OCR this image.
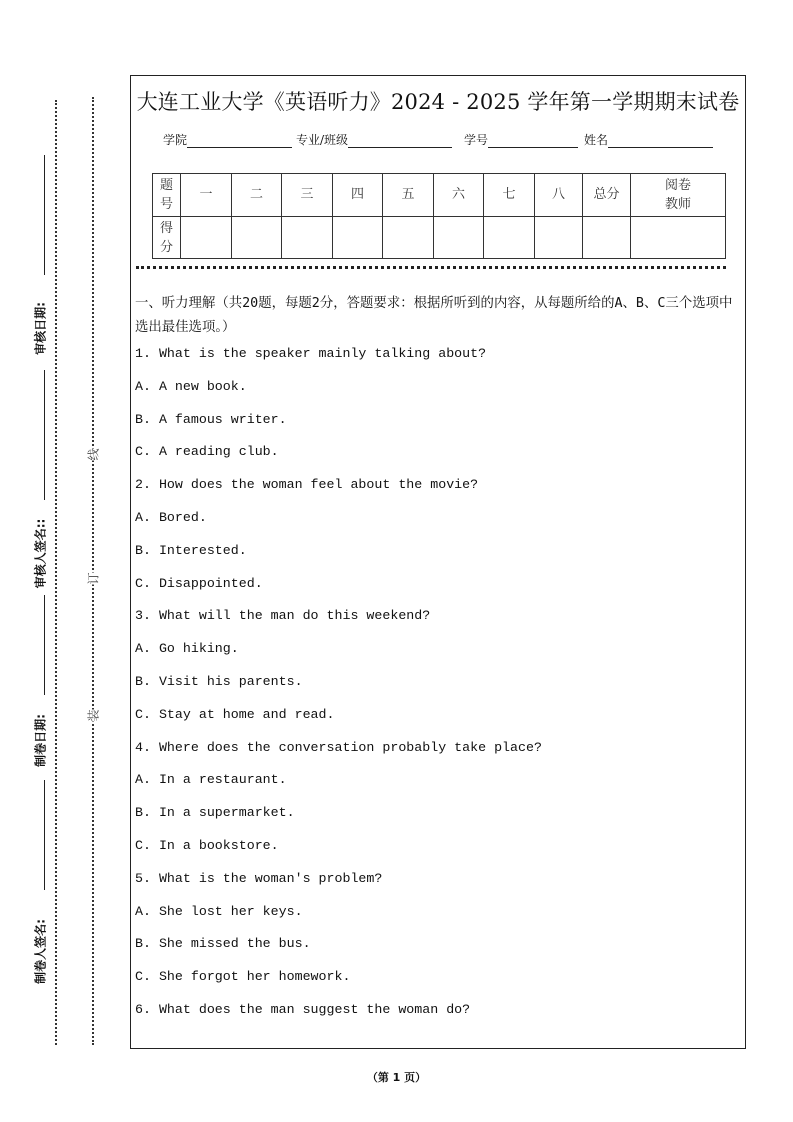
大连工业大学《英语听力》2024 - 2025 学年第一学期期末试卷
学院	专业/班级	学号	姓名
题号	一	二	三	四	五	六	七	八	总分	阅卷教师
得分										
一、听力理解（共20题，每题2分，答题要求：根据所听到的内容，从每题所给的A、B、C三个选项中选出最佳选项。）
1. What is the speaker mainly talking about?
A. A new book.
B. A famous writer.
C. A reading club.
2. How does the woman feel about the movie?
A. Bored.
B. Interested.
C. Disappointed.
3. What will the man do this weekend?
A. Go hiking.
B. Visit his parents.
C. Stay at home and read.
4. Where does the conversation probably take place?
A. In a restaurant.
B. In a supermarket.
C. In a bookstore.
5. What is the woman's problem?
A. She lost her keys.
B. She missed the bus.
C. She forgot her homework.
6. What does the man suggest the woman do?
审核日期:
审核人签名::
制卷日期:
制卷人签名:
线
订
装
（第 1 页）
